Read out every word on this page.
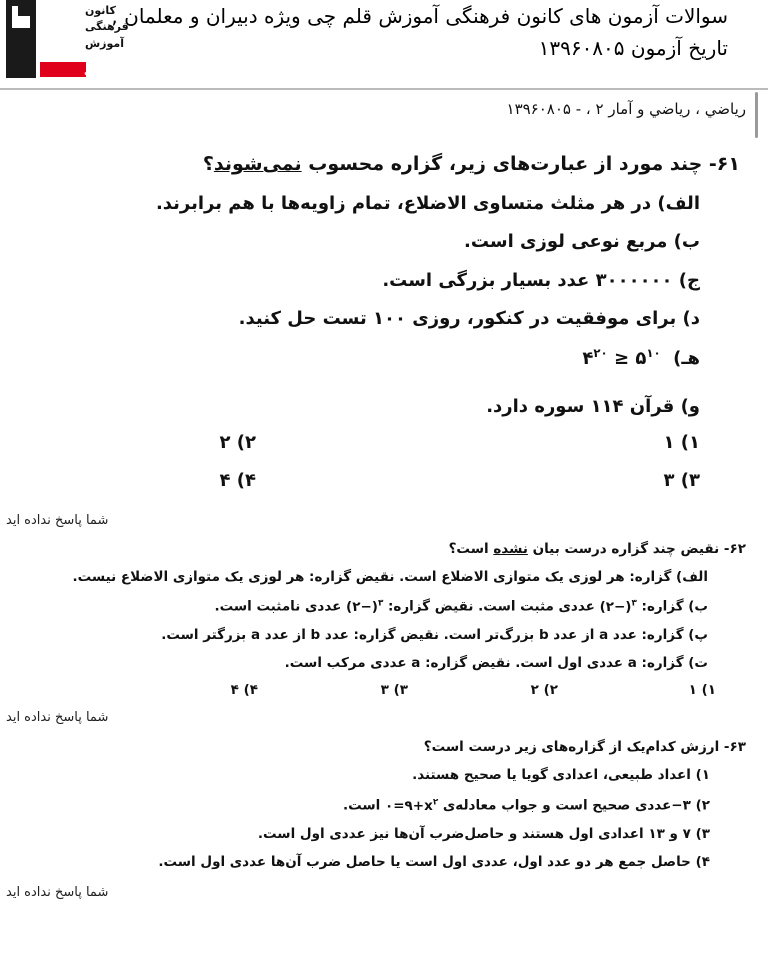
کانون
فرهنگی
آموزش
قلم چی
سوالات آزمون های کانون فرهنگی آموزش قلم چی ویژه دبیران و معلمان ,
تاریخ آزمون ۱۳۹۶۰۸۰۵
رياضي ، رياضي و آمار ۲ ، - ۱۳۹۶۰۸۰۵
۶۱- چند مورد از عبارت‌های زیر، گزاره محسوب نمی‌شوند؟
الف) در هر مثلث متساوی الاضلاع، تمام زاویه‌ها با هم برابرند.
ب) مربع نوعی لوزی است.
ج) ۳۰۰۰۰۰۰ عدد بسیار بزرگی است.
د) برای موفقیت در کنکور، روزی ۱۰۰ تست حل کنید.
$۴^{۲۰}$ ≥ $۵^{۱۰}$ هـ)
و) قرآن ۱۱۴ سوره دارد.
۱ (۱
۲ (۲
۳ (۳
۴ (۴
شما پاسخ نداده اید
۶۲- نقیض چند گزاره درست بیان نشده است؟
الف) گزاره: هر لوزی یک متوازی الاضلاع است. نقیض گزاره: هر لوزی یک متوازی الاضلاع نیست.
ب) گزاره: (۲−)$^۳$ عددی مثبت است. نقیض گزاره: (۲−)$^۳$ عددی نامثبت است.
پ) گزاره: عدد a از عدد b بزرگ‌تر است. نقیض گزاره: عدد b از عدد a بزرگتر است.
ت) گزاره: a عددی اول است. نقیض گزاره: a عددی مرکب است.
۱ (۱
۲ (۲
۳ (۳
۴ (۴
شما پاسخ نداده اید
۶۳- ارزش کدام‌یک از گزاره‌های زیر درست است؟
۱) اعداد طبیعی، اعدادی گویا یا صحیح هستند.
۲) ۳−عددی صحیح است و جواب معادله‌ی $۰=۹+x^۲$ است.
۳) ۷ و ۱۳ اعدادی اول هستند و حاصل‌ضرب آن‌ها نیز عددی اول است.
۴) حاصل جمع هر دو عدد اول، عددی اول است یا حاصل ضرب آن‌ها عددی اول است.
شما پاسخ نداده اید
